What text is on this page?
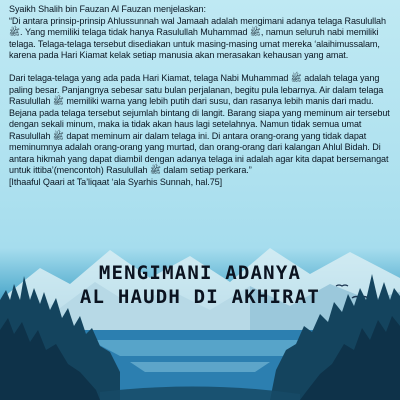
Syaikh Shalih bin Fauzan Al Fauzan menjelaskan:

“Di antara prinsip-prinsip Ahlussunnah wal Jamaah adalah mengimani adanya telaga Rasulullah ﷺ. Yang memiliki telaga tidak hanya Rasulullah Muhammad ﷺ, namun seluruh nabi memiliki telaga. Telaga-telaga tersebut disediakan untuk masing-masing umat mereka ‘alaihimussalam, karena pada Hari Kiamat kelak setiap manusia akan merasakan kehausan yang amat.

Dari telaga-telaga yang ada pada Hari Kiamat, telaga Nabi Muhammad ﷺ adalah telaga yang paling besar. Panjangnya sebesar satu bulan perjalanan, begitu pula lebarnya. Air dalam telaga Rasulullah ﷺ memiliki warna yang lebih putih dari susu, dan rasanya lebih manis dari madu. Bejana pada telaga tersebut sejumlah bintang di langit. Barang siapa yang meminum air tersebut dengan sekali minum, maka ia tidak akan haus lagi setelahnya. Namun tidak semua umat Rasulullah ﷺ dapat meminum air dalam telaga ini. Di antara orang-orang yang tidak dapat meminumnya adalah orang-orang yang murtad, dan orang-orang dari kalangan Ahlul Bidah. Di antara hikmah yang dapat diambil dengan adanya telaga ini adalah agar kita dapat bersemangat untuk ittiba’(mencontoh) Rasulullah ﷺ dalam setiap perkara.”

[Ithaaful Qaari at Ta’liqaat ‘ala Syarhis Sunnah, hal.75]

MENGIMANI ADANYA
AL HAUDH DI AKHIRAT
